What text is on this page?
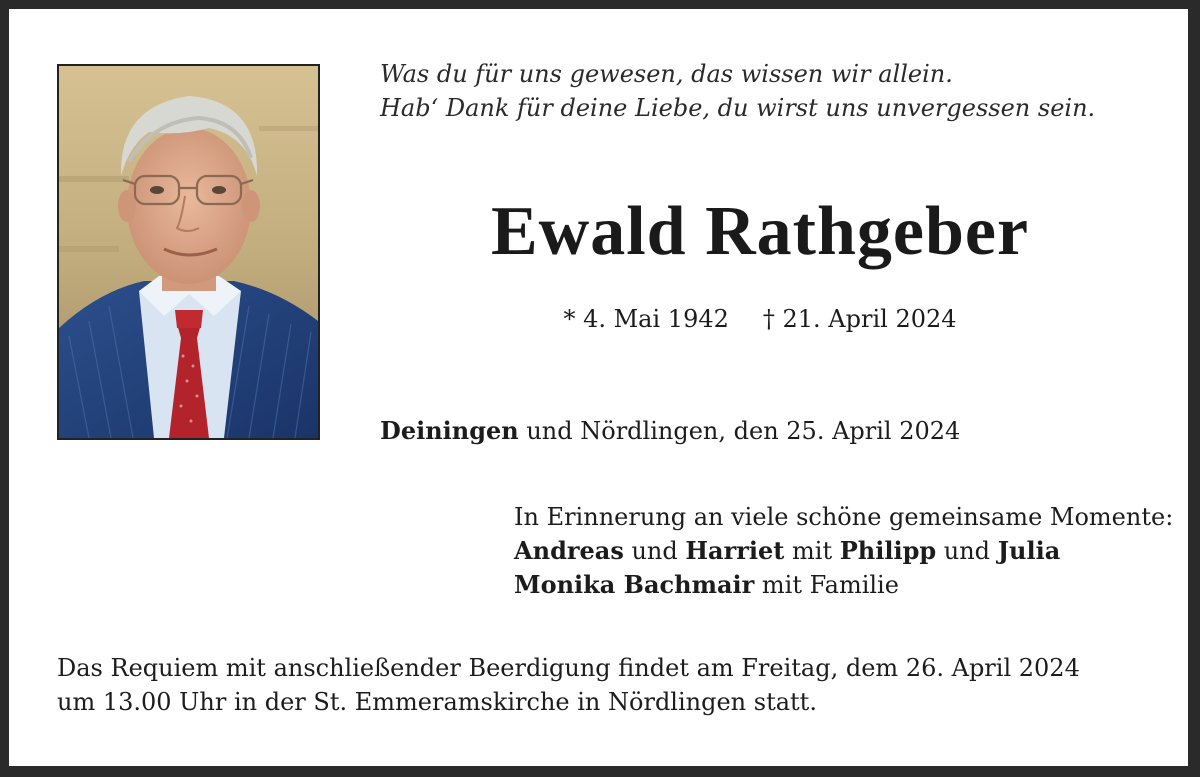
Was du für uns gewesen, das wissen wir allein.
Hab‘ Dank für deine Liebe, du wirst uns unvergessen sein.
Ewald Rathgeber
* 4. Mai 1942 † 21. April 2024
Deiningen und Nördlingen, den 25. April 2024
In Erinnerung an viele schöne gemeinsame Momente:
Andreas und Harriet mit Philipp und Julia
Monika Bachmair mit Familie
Das Requiem mit anschließender Beerdigung findet am Freitag, dem 26. April 2024
um 13.00 Uhr in der St. Emmeramskirche in Nördlingen statt.
